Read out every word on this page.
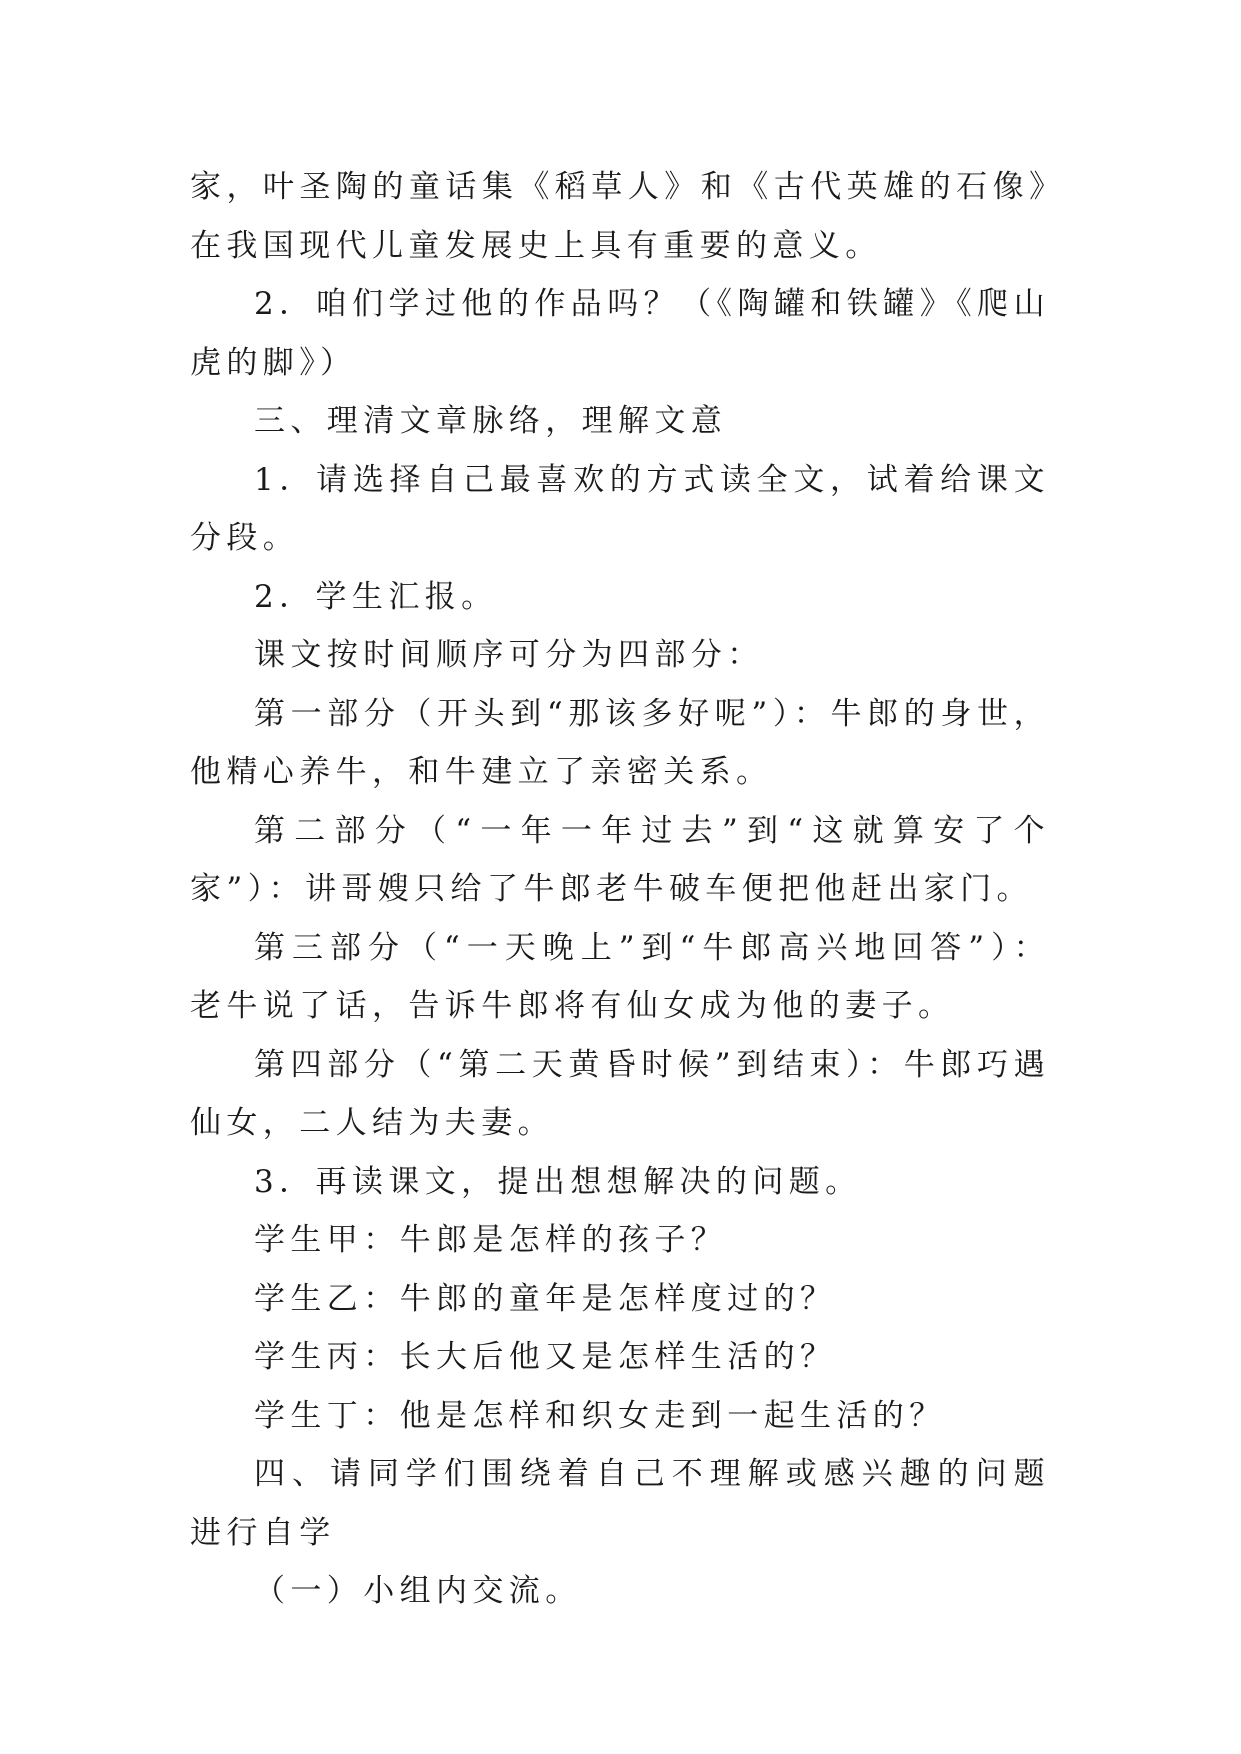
家，叶圣陶的童话集《稻草人》和《古代英雄的石像》在我国现代儿童发展史上具有重要的意义。

2．咱们学过他的作品吗？（《陶罐和铁罐》《爬山虎的脚》）

三、理清文章脉络，理解文意

1．请选择自己最喜欢的方式读全文，试着给课文分段。

2．学生汇报。

课文按时间顺序可分为四部分：

第一部分（开头到“那该多好呢”）：牛郎的身世，他精心养牛，和牛建立了亲密关系。

第二部分（“一年一年过去”到“这就算安了个家”）：讲哥嫂只给了牛郎老牛破车便把他赶出家门。

第三部分（“一天晚上”到“牛郎高兴地回答”）：老牛说了话，告诉牛郎将有仙女成为他的妻子。

第四部分（“第二天黄昏时候”到结束）：牛郎巧遇仙女，二人结为夫妻。

3．再读课文，提出想想解决的问题。

学生甲：牛郎是怎样的孩子？

学生乙：牛郎的童年是怎样度过的？

学生丙：长大后他又是怎样生活的？

学生丁：他是怎样和织女走到一起生活的？

四、请同学们围绕着自己不理解或感兴趣的问题进行自学

（一）小组内交流。
